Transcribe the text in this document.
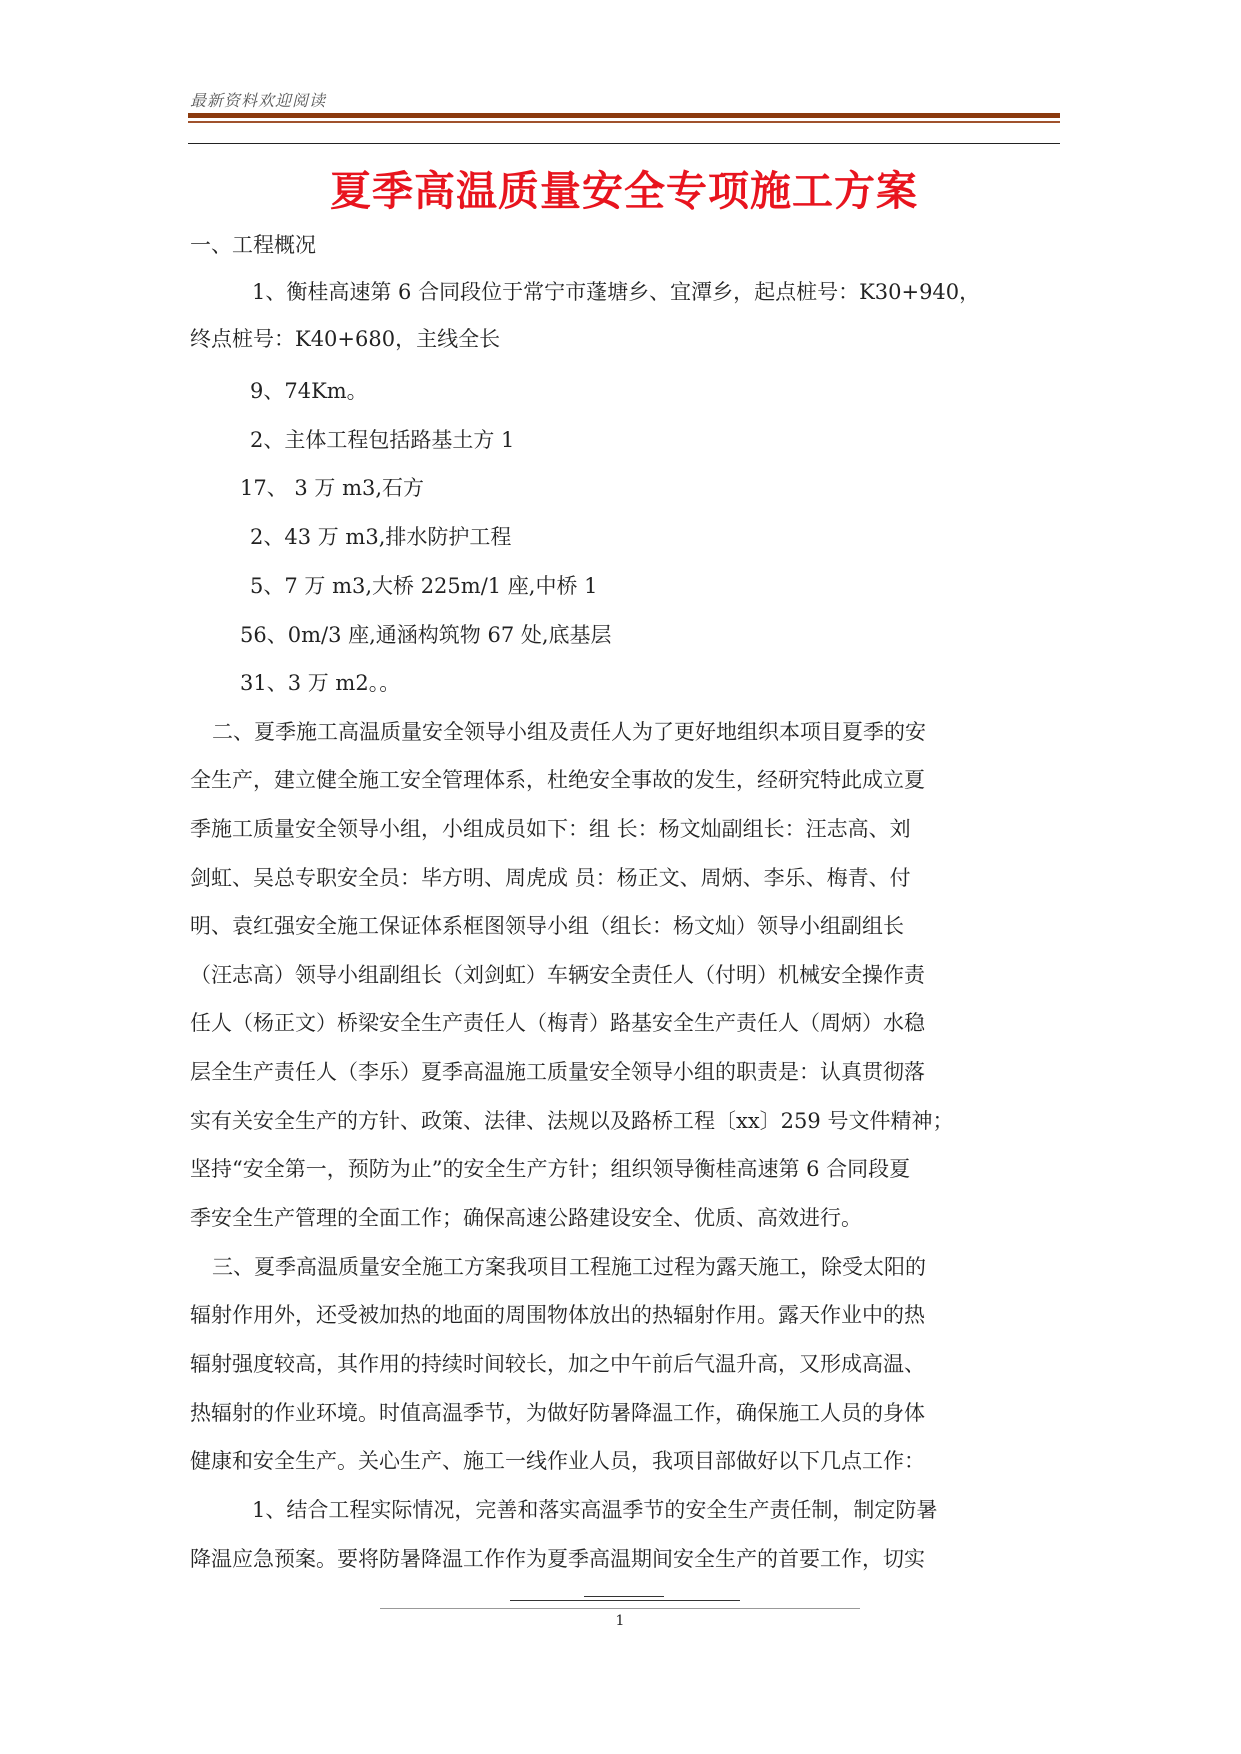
最新资料欢迎阅读
夏季高温质量安全专项施工方案
一、工程概况
1、衡桂高速第 6 合同段位于常宁市蓬塘乡、宜潭乡，起点桩号：K30+940，
终点桩号：K40+680，主线全长
9、74Km。
2、主体工程包括路基土方 1
17、 3 万 m3,石方
2、43 万 m3,排水防护工程
5、7 万 m3,大桥 225m/1 座,中桥 1
56、0m/3 座,通涵构筑物 67 处,底基层
31、3 万 m2。。
二、夏季施工高温质量安全领导小组及责任人为了更好地组织本项目夏季的安
全生产，建立健全施工安全管理体系，杜绝安全事故的发生，经研究特此成立夏
季施工质量安全领导小组，小组成员如下：组 长：杨文灿副组长：汪志高、刘
剑虹、吴总专职安全员：毕方明、周虎成 员：杨正文、周炳、李乐、梅青、付
明、袁红强安全施工保证体系框图领导小组（组长：杨文灿）领导小组副组长
（汪志高）领导小组副组长（刘剑虹）车辆安全责任人（付明）机械安全操作责
任人（杨正文）桥梁安全生产责任人（梅青）路基安全生产责任人（周炳）水稳
层全生产责任人（李乐）夏季高温施工质量安全领导小组的职责是：认真贯彻落
实有关安全生产的方针、政策、法律、法规以及路桥工程〔xx〕259 号文件精神；
坚持“安全第一，预防为止”的安全生产方针；组织领导衡桂高速第 6 合同段夏
季安全生产管理的全面工作；确保高速公路建设安全、优质、高效进行。
三、夏季高温质量安全施工方案我项目工程施工过程为露天施工，除受太阳的
辐射作用外，还受被加热的地面的周围物体放出的热辐射作用。露天作业中的热
辐射强度较高，其作用的持续时间较长，加之中午前后气温升高，又形成高温、
热辐射的作业环境。时值高温季节，为做好防暑降温工作，确保施工人员的身体
健康和安全生产。关心生产、施工一线作业人员，我项目部做好以下几点工作：
1、结合工程实际情况，完善和落实高温季节的安全生产责任制，制定防暑
降温应急预案。要将防暑降温工作作为夏季高温期间安全生产的首要工作，切实
1
